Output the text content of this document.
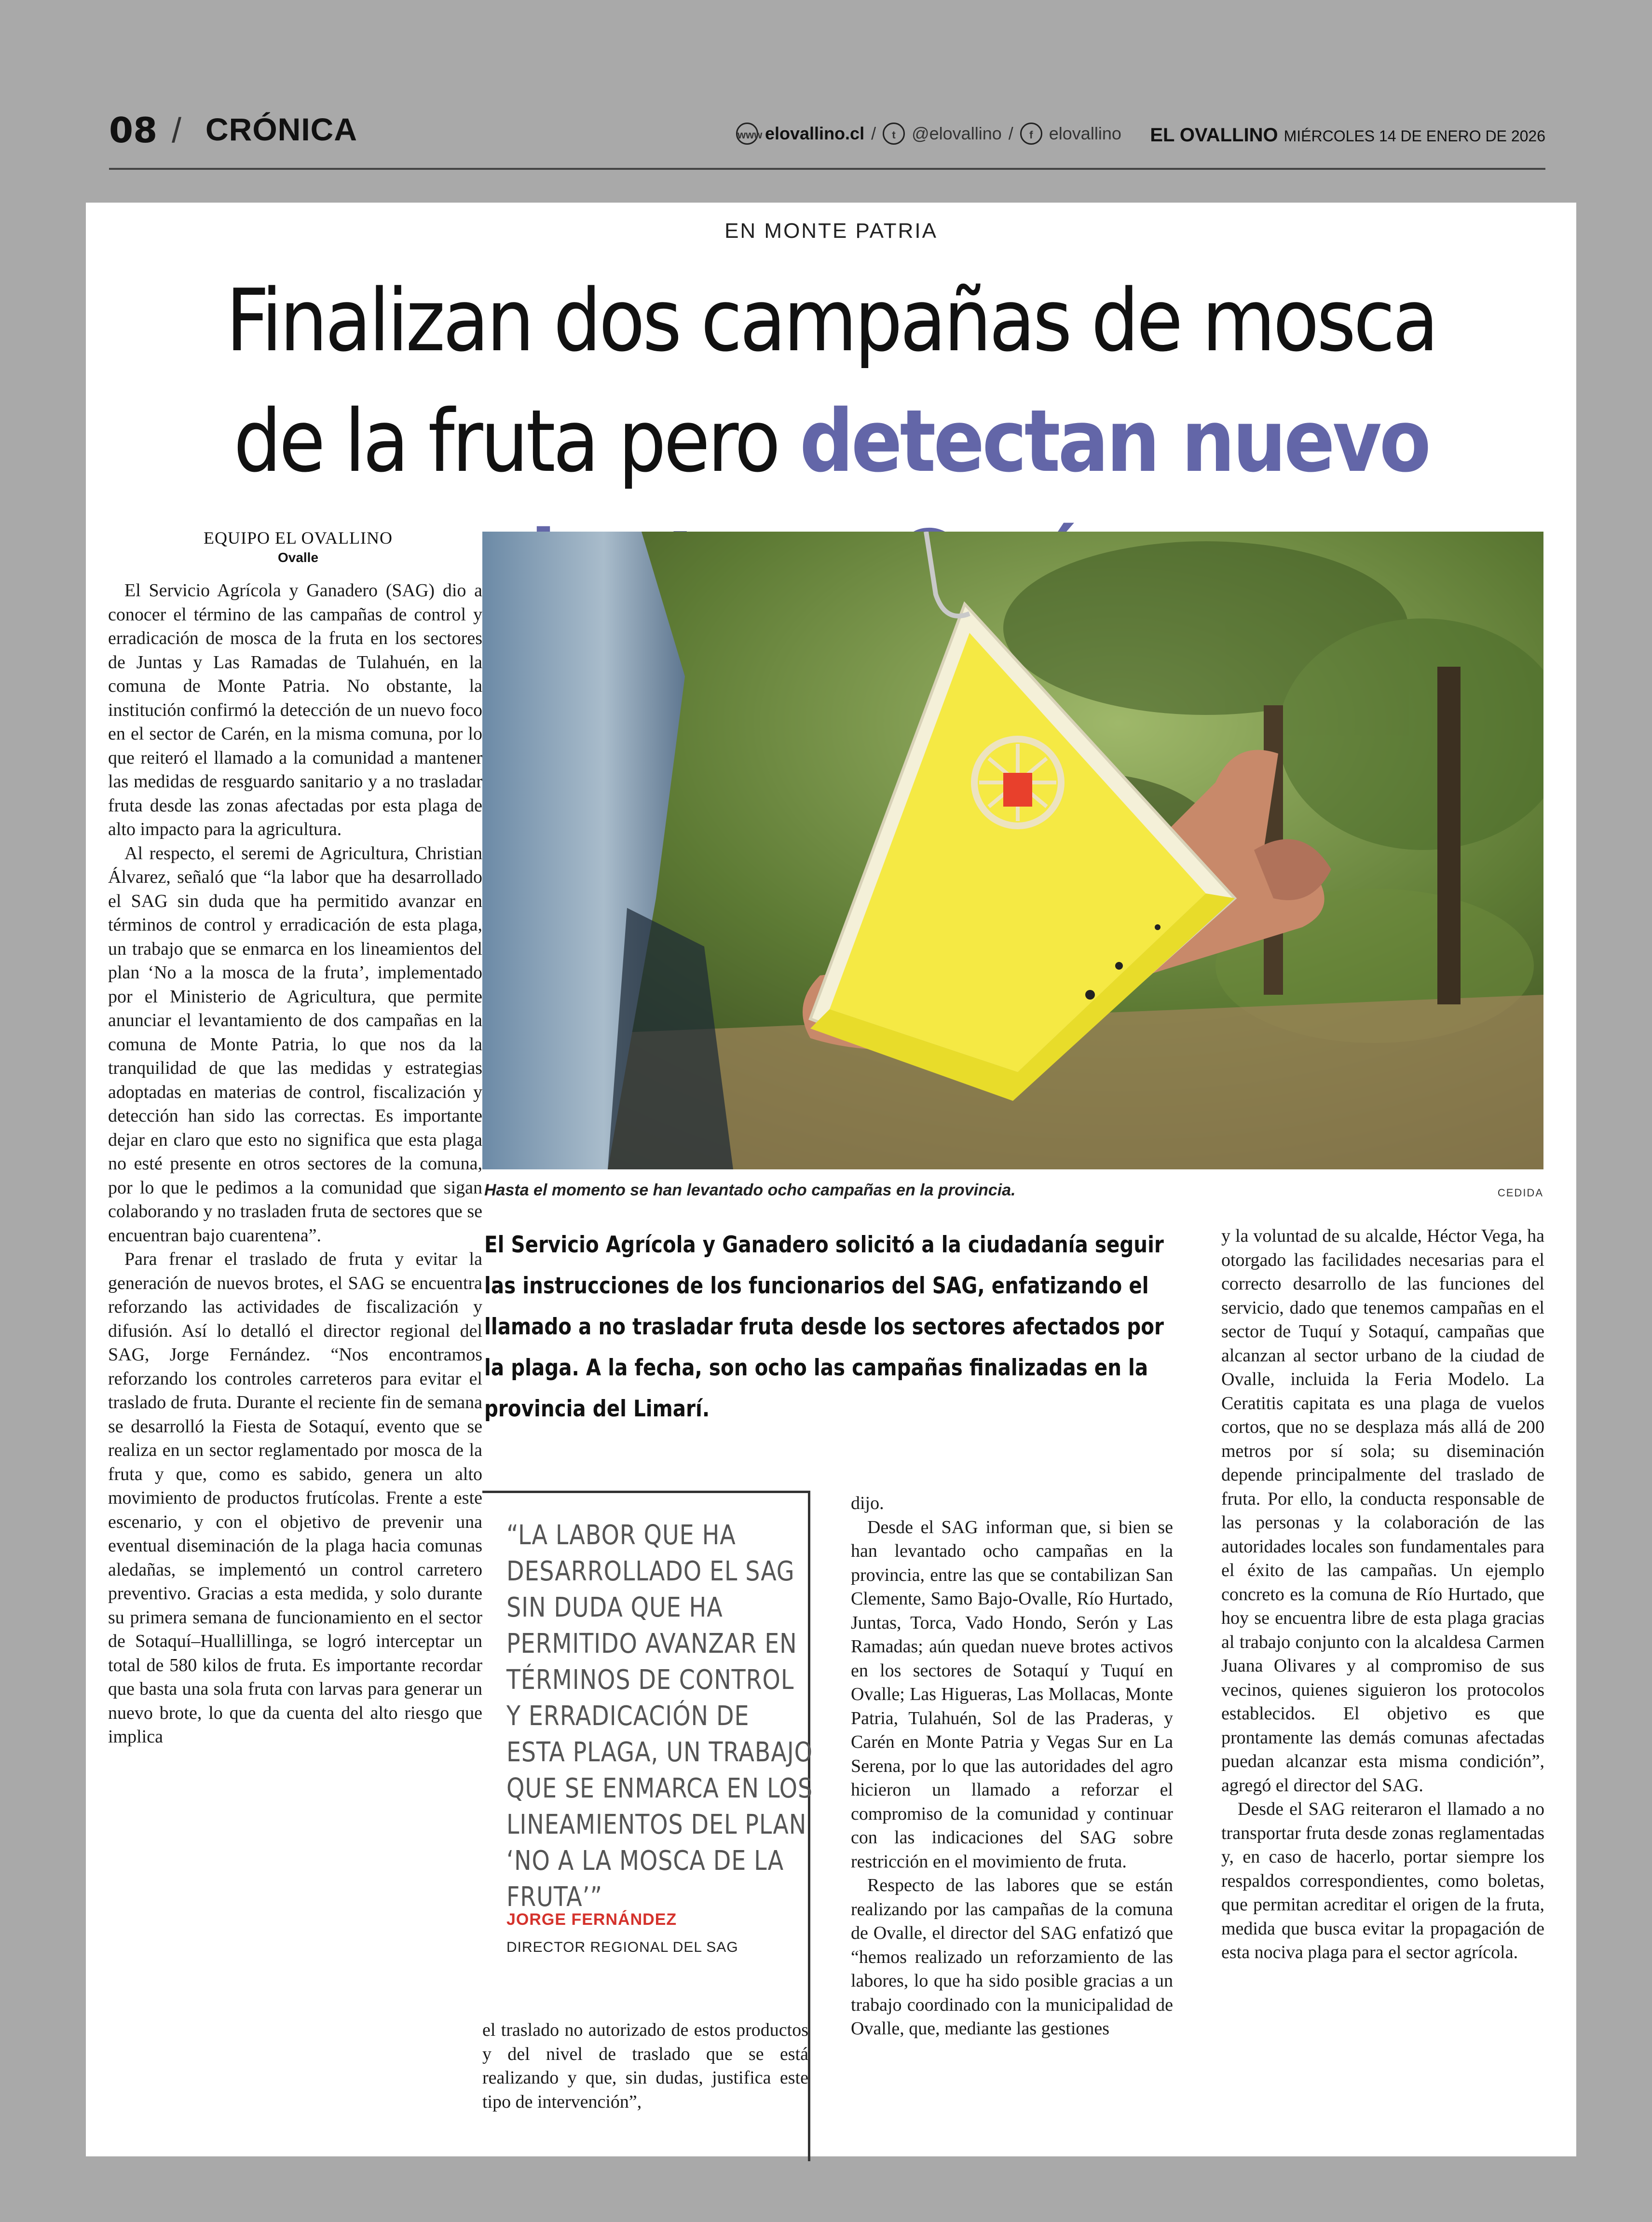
08 / CRÓNICA	www elovallino.cl /	t @elovallino /	f elovallino EL OVALLINO MIÉRCOLES 14 DE ENERO DE 2026
EN MONTE PATRIA
Finalizan dos campañas de mosca de la fruta pero detectan nuevo
EQUIPO EL OVALLINO
Ovalle

El Servicio Agrícola y Ganadero (SAG) dio a conocer el término de las campañas de control y erradicación de mosca de la fruta en los sectores de Juntas y Las Ramadas de Tulahuén, en la comuna de Monte Patria. No obstante, la institución confirmó la detección de un nuevo foco en el sector de Carén, en la misma comuna, por lo que reiteró el llamado a la comunidad a mantener las medidas de resguardo sanitario y a no trasladar fruta desde las zonas afectadas por esta plaga de alto impacto para la agricultura.

Al respecto, el seremi de Agricultura, Christian Álvarez, señaló que “la labor que ha desarrollado el SAG sin duda que ha permitido avanzar en términos de control y erradicación de esta plaga, un trabajo que se enmarca en los lineamientos del plan ‘No a la mosca de la fruta’, implementado por el Ministerio de Agricultura, que permite anunciar el levantamiento de dos campañas en la comuna de Monte Patria, lo que nos da la tranquilidad de que las medidas y estrategias adoptadas en materias de control, fiscalización y detección han sido las correctas. Es importante dejar en claro que esto no significa que esta plaga no esté presente en otros sectores de la comuna, por lo que le pedimos a la comunidad que sigan colaborando y no trasladen fruta de sectores que se encuentran bajo cuarentena”.

Para frenar el traslado de fruta y evitar la generación de nuevos brotes, el SAG se encuentra reforzando las actividades de fiscalización y difusión. Así lo detalló el director regional del SAG, Jorge Fernández. “Nos encontramos reforzando los controles carreteros para evitar el traslado de fruta. Durante el reciente fin de semana se desarrolló la Fiesta de Sotaquí, evento que se realiza en un sector reglamentado por mosca de la fruta y que, como es sabido, genera un alto movimiento de productos frutícolas. Frente a este escenario, y con el objetivo de prevenir una eventual diseminación de la plaga hacia comunas aledañas, se implementó un control carretero preventivo. Gracias a esta medida, y solo durante su primera semana de funcionamiento en el sector de Sotaquí–Huallillinga, se logró interceptar un total de 580 kilos de fruta. Es importante recordar que basta una sola fruta con larvas para generar un nuevo brote, lo que da cuenta del alto riesgo que implica

Hasta el momento se han levantado ocho campañas en la provincia.	CEDIDA
El Servicio Agrícola y Ganadero solicitó a la ciudadanía seguir las instrucciones de los funcionarios del SAG, enfatizando el llamado a no trasladar fruta desde los sectores afectados por la plaga. A la fecha, son ocho las campañas finalizadas en la provincia del Limarí.
“LA LABOR QUE HA DESARROLLADO EL SAG SIN DUDA QUE HA PERMITIDO AVANZAR EN TÉRMINOS DE CONTROL Y ERRADICACIÓN DE ESTA PLAGA, UN TRABAJO QUE SE ENMARCA EN LOS LINEAMIENTOS DEL PLAN ‘NO A LA MOSCA DE LA FRUTA’”
JORGE FERNÁNDEZ
DIRECTOR REGIONAL DEL SAG

el traslado no autorizado de estos productos y del nivel de traslado que se está realizando y que, sin dudas, justifica este tipo de intervención”,

dijo.

Desde el SAG informan que, si bien se han levantado ocho campañas en la provincia, entre las que se contabilizan San Clemente, Samo Bajo-Ovalle, Río Hurtado, Juntas, Torca, Vado Hondo, Serón y Las Ramadas; aún quedan nueve brotes activos en los sectores de Sotaquí y Tuquí en Ovalle; Las Higueras, Las Mollacas, Monte Patria, Tulahuén, Sol de las Praderas, y Carén en Monte Patria y Vegas Sur en La Serena, por lo que las autoridades del agro hicieron un llamado a reforzar el compromiso de la comunidad y continuar con las indicaciones del SAG sobre restricción en el movimiento de fruta.

Respecto de las labores que se están realizando por las campañas de la comuna de Ovalle, el director del SAG enfatizó que “hemos realizado un reforzamiento de las labores, lo que ha sido posible gracias a un trabajo coordinado con la municipalidad de Ovalle, que, mediante las gestiones

y la voluntad de su alcalde, Héctor Vega, ha otorgado las facilidades necesarias para el correcto desarrollo de las funciones del servicio, dado que tenemos campañas en el sector de Tuquí y Sotaquí, campañas que alcanzan al sector urbano de la ciudad de Ovalle, incluida la Feria Modelo. La Ceratitis capitata es una plaga de vuelos cortos, que no se desplaza más allá de 200 metros por sí sola; su diseminación depende principalmente del traslado de fruta. Por ello, la conducta responsable de las personas y la colaboración de las autoridades locales son fundamentales para el éxito de las campañas. Un ejemplo concreto es la comuna de Río Hurtado, que hoy se encuentra libre de esta plaga gracias al trabajo conjunto con la alcaldesa Carmen Juana Olivares y al compromiso de sus vecinos, quienes siguieron los protocolos establecidos. El objetivo es que prontamente las demás comunas afectadas puedan alcanzar esta misma condición”, agregó el director del SAG.

Desde el SAG reiteraron el llamado a no transportar fruta desde zonas reglamentadas y, en caso de hacerlo, portar siempre los respaldos correspondientes, como boletas, que permitan acreditar el origen de la fruta, medida que busca evitar la propagación de esta nociva plaga para el sector agrícola.
